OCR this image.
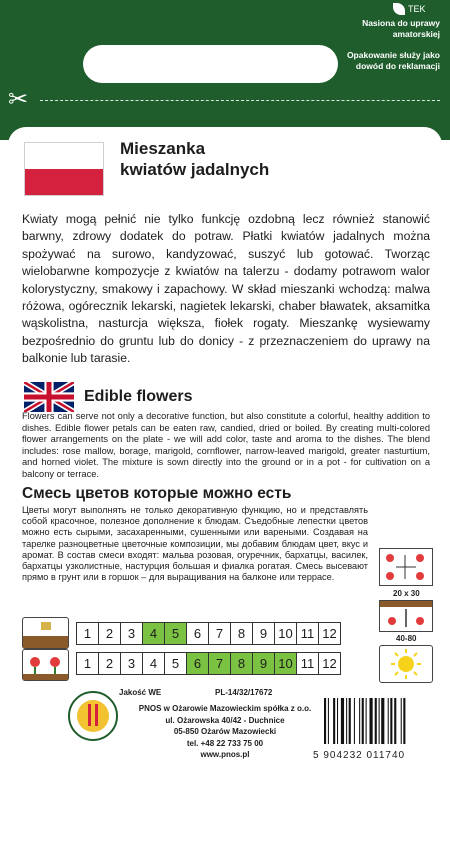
✂
TEK
Nasiona do uprawy amatorskiej
Opakowanie służy jako dowód do reklamacji
Mieszanka
kwiatów jadalnych
Kwiaty mogą pełnić nie tylko funkcję ozdobną lecz również stanowić barwny, zdrowy dodatek do potraw. Płatki kwiatów jadalnych można spożywać na surowo, kandyzować, suszyć lub gotować. Tworząc wielobarwne kompozycje z kwiatów na talerzu - dodamy potrawom walor kolorystyczny, smakowy i zapachowy. W skład mieszanki wchodzą: malwa różowa, ogórecznik lekarski, nagietek lekarski, chaber bławatek, aksamitka wąskolistna, nasturcja większa, fiołek rogaty. Mieszankę wysiewamy bezpośrednio do gruntu lub do donicy - z przeznaczeniem do uprawy na balkonie lub tarasie.
Edible flowers
Flowers can serve not only a decorative function, but also constitute a colorful, healthy addition to dishes. Edible flower petals can be eaten raw, candied, dried or boiled. By creating multi-colored flower arrangements on the plate - we will add color, taste and aroma to the dishes. The blend includes: rose mallow, borage, marigold, cornflower, narrow-leaved marigold, greater nasturtium, and horned violet. The mixture is sown directly into the ground or in a pot - for cultivation on a balcony or terrace.
Смесь цветов которые можно есть
Цветы могут выполнять не только декоративную функцию, но и представлять собой красочное, полезное дополнение к блюдам. Съедобные лепестки цветов можно есть сырыми, засахаренными, сушенными или вареными. Создавая на тарелке разноцветные цветочные композиции, мы добавим блюдам цвет, вкус и аромат. В состав смеси входят: мальва розовая, огуречник, бархатцы, василек, бархатцы узколистные, настурция большая и фиалка рогатая. Смесь высевают прямо в грунт или в горшок – для выращивания на балконе или террасе.
20 x 30
40-80
1	2	3	4	5	6	7	8	9 10 11 12
1	2	3	4	5	6	7	8	9 10 11 12
Jakość WE	PL-14/32/17672
PNOS w Ożarowie Mazowieckim spółka z o.o.
ul. Ożarowska 40/42 - Duchnice
05-850 Ożarów Mazowiecki
tel. +48 22 733 75 00
www.pnos.pl	5 904232 011740
